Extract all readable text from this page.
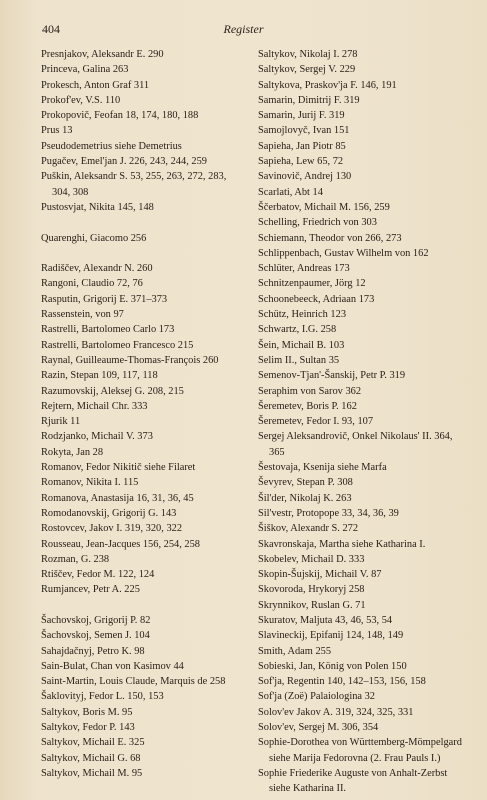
404	Register
Presnjakov, Aleksandr E. 290
Princeva, Galina 263
Prokesch, Anton Graf 311
Prokof'ev, V.S. 110
Prokopovič, Feofan 18, 174, 180, 188
Prus 13
Pseudodemetrius siehe Demetrius
Pugačev, Emel'jan J. 226, 243, 244, 259
Puškin, Aleksandr S. 53, 255, 263, 272, 283, 304, 308
Pustosvjat, Nikita 145, 148
Quarenghi, Giacomo 256
Radiščev, Alexandr N. 260
Rangoni, Claudio 72, 76
Rasputin, Grigorij E. 371–373
Rassenstein, von 97
Rastrelli, Bartolomeo Carlo 173
Rastrelli, Bartolomeo Francesco 215
Raynal, Guilleaume-Thomas-François 260
Razin, Stepan 109, 117, 118
Razumovskij, Aleksej G. 208, 215
Rejtern, Michail Chr. 333
Rjurik 11
Rodzjanko, Michail V. 373
Rokyta, Jan 28
Romanov, Fedor Nikitič siehe Filaret
Romanov, Nikita I. 115
Romanova, Anastasija 16, 31, 36, 45
Romodanovskij, Grigorij G. 143
Rostovcev, Jakov I. 319, 320, 322
Rousseau, Jean-Jacques 156, 254, 258
Rozman, G. 238
Rtiščev, Fedor M. 122, 124
Rumjancev, Petr A. 225
Šachovskoj, Grigorij P. 82
Šachovskoj, Semen J. 104
Sahajdačnyj, Petro K. 98
Sain-Bulat, Chan von Kasimov 44
Saint-Martin, Louis Claude, Marquis de 258
Šaklovityj, Fedor L. 150, 153
Saltykov, Boris M. 95
Saltykov, Fedor P. 143
Saltykov, Michail E. 325
Saltykov, Michail G. 68
Saltykov, Michail M. 95
Saltykov, Nikolaj I. 278
Saltykov, Sergej V. 229
Saltykova, Praskov'ja F. 146, 191
Samarin, Dimitrij F. 319
Samarin, Jurij F. 319
Samojlovyč, Ivan 151
Sapieha, Jan Piotr 85
Sapieha, Lew 65, 72
Savinovič, Andrej 130
Scarlati, Abt 14
Ščerbatov, Michail M. 156, 259
Schelling, Friedrich von 303
Schiemann, Theodor von 266, 273
Schlippenbach, Gustav Wilhelm von 162
Schlüter, Andreas 173
Schnitzenpaumer, Jörg 12
Schoonebeeck, Adriaan 173
Schütz, Heinrich 123
Schwartz, I.G. 258
Šein, Michail B. 103
Selim II., Sultan 35
Semenov-Tjan'-Šanskij, Petr P. 319
Seraphim von Sarov 362
Šeremetev, Boris P. 162
Šeremetev, Fedor I. 93, 107
Sergej Aleksandrovič, Onkel Nikolaus' II. 364, 365
Šestovaja, Ksenija siehe Marfa
Ševyrev, Stepan P. 308
Šil'der, Nikolaj K. 263
Sil'vestr, Protopope 33, 34, 36, 39
Šiškov, Alexandr S. 272
Skavronskaja, Martha siehe Katharina I.
Skobelev, Michail D. 333
Skopin-Šujskij, Michail V. 87
Skovoroda, Hrykoryj 258
Skrynnikov, Ruslan G. 71
Skuratov, Maljuta 43, 46, 53, 54
Slavineckij, Epifanij 124, 148, 149
Smith, Adam 255
Sobieski, Jan, König von Polen 150
Sof'ja, Regentin 140, 142–153, 156, 158
Sof'ja (Zoë) Palaiologina 32
Solov'ev Jakov A. 319, 324, 325, 331
Solov'ev, Sergej M. 306, 354
Sophie-Dorothea von Württemberg-Mömpelgard siehe Marija Fedorovna (2. Frau Pauls I.)
Sophie Friederike Auguste von Anhalt-Zerbst siehe Katharina II.
